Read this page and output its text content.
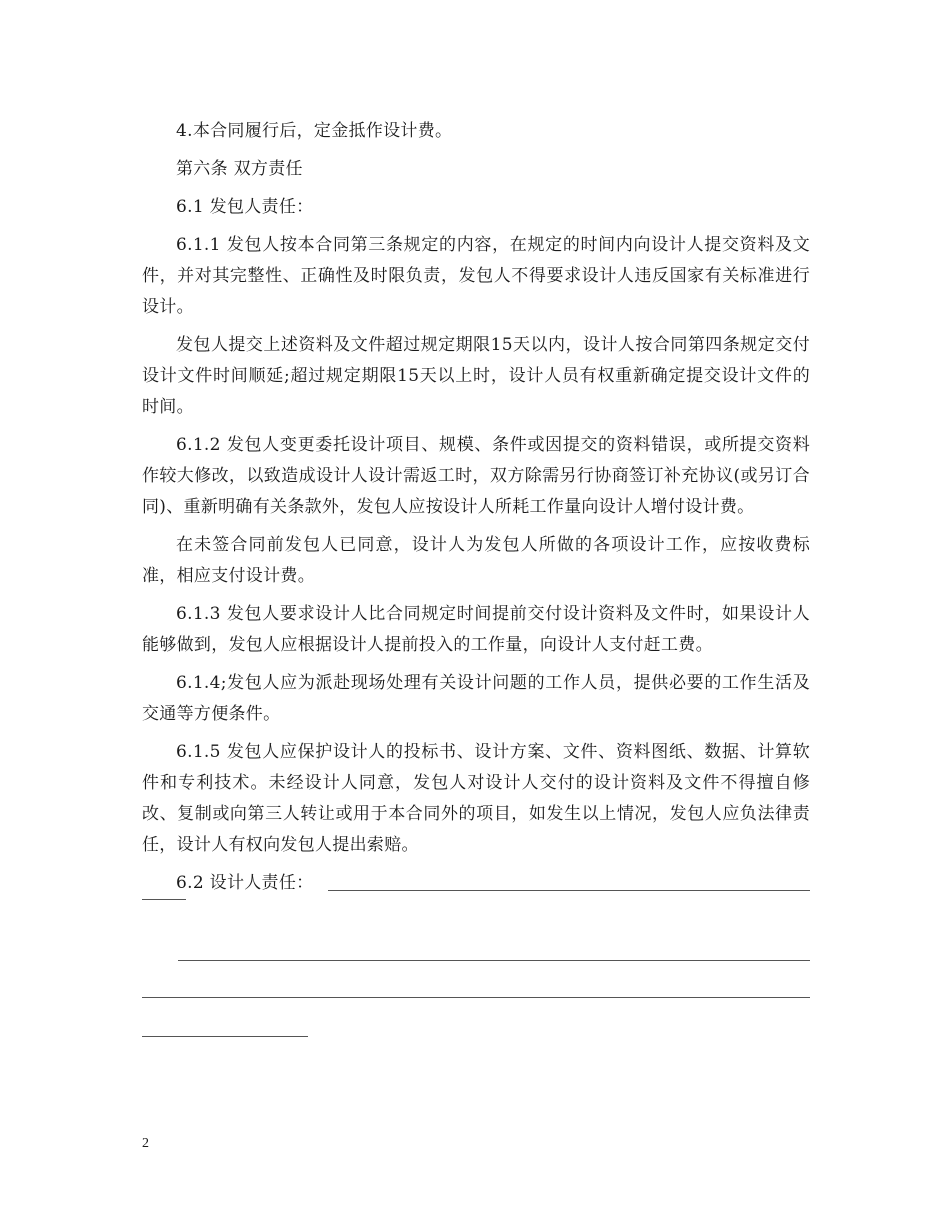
4.本合同履行后，定金抵作设计费。

第六条 双方责任

6.1 发包人责任：

6.1.1 发包人按本合同第三条规定的内容，在规定的时间内向设计人提交资料及文件，并对其完整性、正确性及时限负责，发包人不得要求设计人违反国家有关标准进行设计。

发包人提交上述资料及文件超过规定期限15天以内，设计人按合同第四条规定交付设计文件时间顺延;超过规定期限15天以上时，设计人员有权重新确定提交设计文件的时间。

6.1.2 发包人变更委托设计项目、规模、条件或因提交的资料错误，或所提交资料作较大修改，以致造成设计人设计需返工时，双方除需另行协商签订补充协议(或另订合同)、重新明确有关条款外，发包人应按设计人所耗工作量向设计人增付设计费。

在未签合同前发包人已同意，设计人为发包人所做的各项设计工作，应按收费标准，相应支付设计费。

6.1.3 发包人要求设计人比合同规定时间提前交付设计资料及文件时，如果设计人能够做到，发包人应根据设计人提前投入的工作量，向设计人支付赶工费。

6.1.4;发包人应为派赴现场处理有关设计问题的工作人员，提供必要的工作生活及交通等方便条件。

6.1.5 发包人应保护设计人的投标书、设计方案、文件、资料图纸、数据、计算软件和专利技术。未经设计人同意，发包人对设计人交付的设计资料及文件不得擅自修改、复制或向第三人转让或用于本合同外的项目，如发生以上情况，发包人应负法律责任，设计人有权向发包人提出索赔。

6.2 设计人责任：
2
